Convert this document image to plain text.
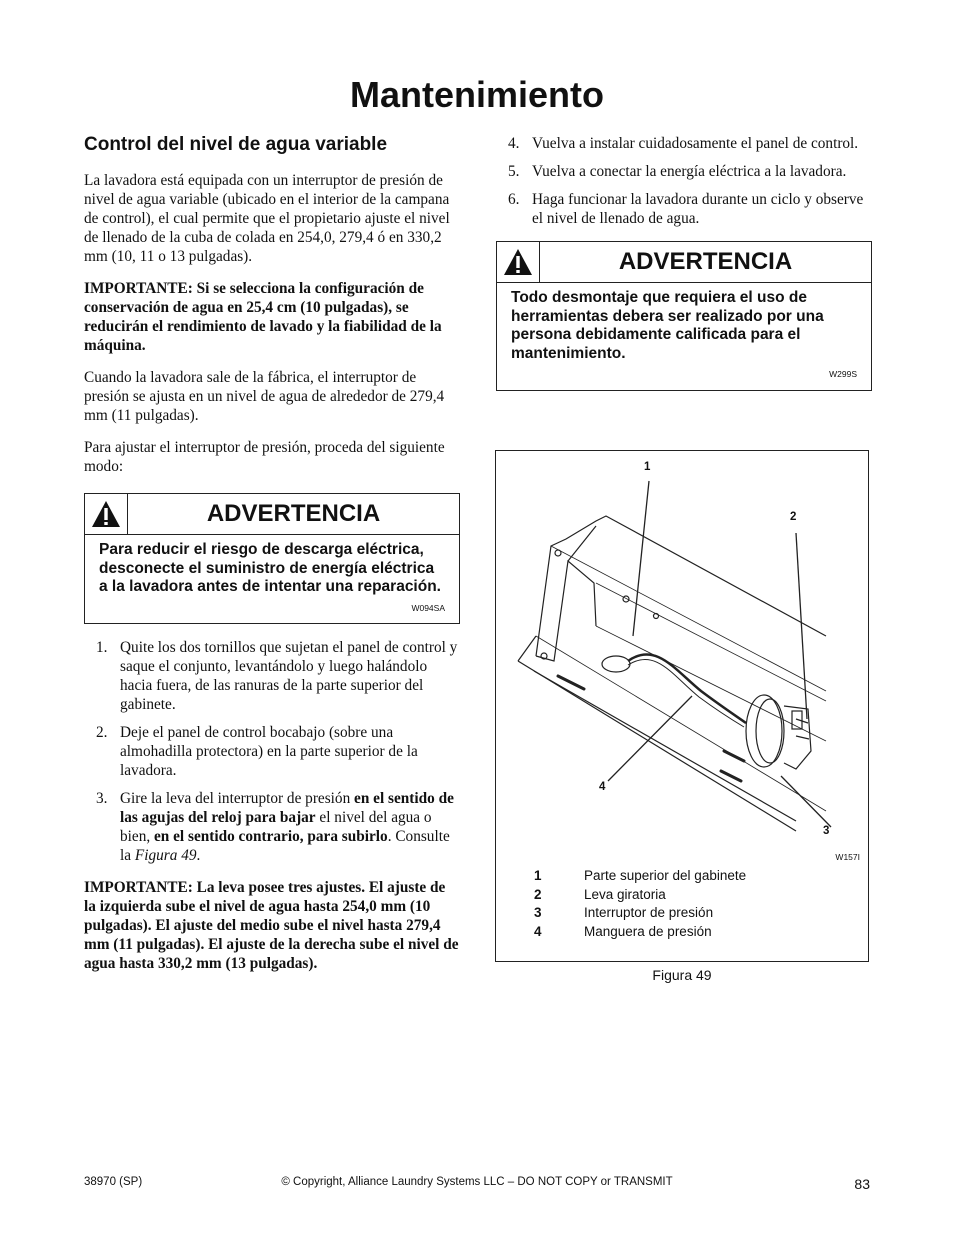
Mantenimiento
Control del nivel de agua variable

La lavadora está equipada con un interruptor de presión de nivel de agua variable (ubicado en el interior de la campana de control), el cual permite que el propietario ajuste el nivel de llenado de la cuba de colada en 254,0, 279,4 ó en 330,2 mm (10, 11 o 13 pulgadas).

IMPORTANTE: Si se selecciona la configuración de conservación de agua en 25,4 cm (10 pulgadas), se reducirán el rendimiento de lavado y la fiabilidad de la máquina.

Cuando la lavadora sale de la fábrica, el interruptor de presión se ajusta en un nivel de agua de alrededor de 279,4 mm (11 pulgadas).

Para ajustar el interruptor de presión, proceda del siguiente modo:

ADVERTENCIA
Para reducir el riesgo de descarga eléctrica, desconecte el suministro de energía eléctrica a la lavadora antes de intentar una reparación.
W094SA
1. Quite los dos tornillos que sujetan el panel de control y saque el conjunto, levantándolo y luego halándolo hacia fuera, de las ranuras de la parte superior del gabinete.
2. Deje el panel de control bocabajo (sobre una almohadilla protectora) en la parte superior de la lavadora.
3. Gire la leva del interruptor de presión en el sentido de las agujas del reloj para bajar el nivel del agua o bien, en el sentido contrario, para subirlo. Consulte la Figura 49.

IMPORTANTE: La leva posee tres ajustes. El ajuste de la izquierda sube el nivel de agua hasta 254,0 mm (10 pulgadas). El ajuste del medio sube el nivel hasta 279,4 mm (11 pulgadas). El ajuste de la derecha sube el nivel de agua hasta 330,2 mm (13 pulgadas).

4. Vuelva a instalar cuidadosamente el panel de control.
5. Vuelva a conectar la energía eléctrica a la lavadora.
6. Haga funcionar la lavadora durante un ciclo y observe el nivel de llenado de agua.
ADVERTENCIA
Todo desmontaje que requiera el uso de herramientas debera ser realizado por una persona debidamente calificada para el mantenimiento.
W299S
1
2
3
4
W157I
1	Parte superior del gabinete
2	Leva giratoria
3	Interruptor de presión
4	Manguera de presión
Figura 49
38970 (SP)	© Copyright, Alliance Laundry Systems LLC – DO NOT COPY or TRANSMIT	83
